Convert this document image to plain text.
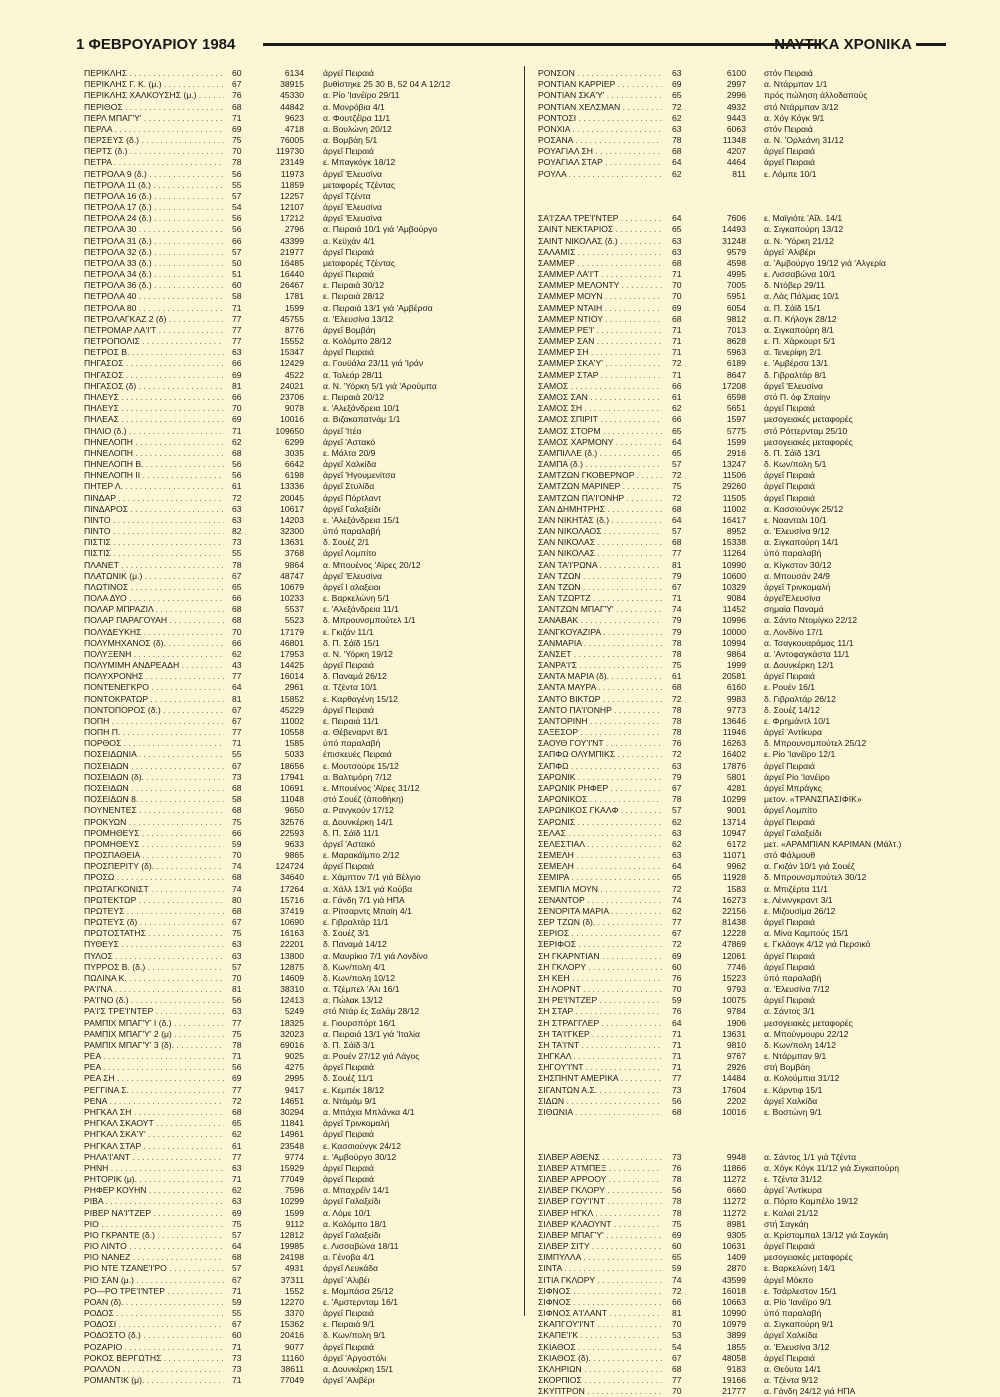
1 ΦΕΒΡΟΥΑΡΙΟΥ 1984	ΝΑΥΤΙΚΑ ΧΡΟΝΙΚΑ
ΠΕΡΙΚΛΗΣ . . .	60	6134 άργεΐ Πειραιά
ΠΕΡΙΚΛΗΣ Γ. Κ. (μ.) . . .	67	38915 βυθίστηκε 25 30 Β, 52 04 Α 12/12
ΠΕΡΙΚΛΗΣ ΧΑΛΚΟΥΣΗΣ (μ.) . . .	76	45330 α. Ρίο 'Ιανέϊρο 29/11
ΠΕΡΙΘΟΣ . . .	68	44842 α. Μονρόβια 4/1
ΠΕΡΛ ΜΠΑΓ'Υ' . . .	71	9623 α. Φουτζέϊρα 11/1
ΠΕΡΛΑ . . .	69	4718 α. Βουλώνη 20/12
ΠΕΡΣΕΥΣ (δ.) . . .	75	76005 α. Βομβάη 5/1
ΠΕΡΤΣ (δ.) . . .	70	119730 άργεΐ Πειραιά
ΠΕΤΡΑ . . .	78	23149 ε. Μπαγκόγκ 18/12
ΠΕΤΡΟΛΑ 9 (δ.) . . .	56	11973 άργεΐ 'Ελευσίνα
ΠΕΤΡΟΛΑ 11 (δ.) . . .	55	11859 μεταφορές Τζέντας
ΠΕΤΡΟΛΑ 16 (δ.) . . .	57	12257 άργεΐ Τζέντα
ΠΕΤΡΟΛΑ 17 (δ.) . . .	54	12107 άργεΐ 'Ελευσίνα
ΠΕΤΡΟΛΑ 24 (δ.) . . .	56	17212 άργεΐ 'Ελευσίνα
ΠΕΤΡΟΛΑ 30 . . .	56	2796 α. Πειραιά 10/1 γιά 'Αμβούργο
ΠΕΤΡΟΛΑ 31 (δ.) . . .	66	43399 α. Κεϋχάν 4/1
ΠΕΤΡΟΛΑ 32 (δ.) . . .	57	21977 άργεΐ Πειραιά
ΠΕΤΡΟΛΑ 33 (δ.) . . .	50	16485 μεταφορές Τζέντας
ΠΕΤΡΟΛΑ 34 (δ.) . . .	51	16440 άργεΐ Πειραιά
ΠΕΤΡΟΛΑ 36 (δ.) . . .	60	26467 ε. Πειραιά 30/12
ΠΕΤΡΟΛΑ 40 . . .	58	1781 ε. Πειραιά 28/12
ΠΕΤΡΟΛΑ 80 . . .	71	1599 α. Πειραιά 13/1 γιά 'Αμβέρσα
ΠΕΤΡΟΛΑΓΚΑΖ 2 (δ) . . .	77	45755 α. 'Ελευσίνα 13/12
ΠΕΤΡΟΜΑΡ ΛΑ'Ι'Τ . . .	77	8776 άργεΐ Βομβάη
ΠΕΤΡΟΠΟΛΙΣ . . .	77	15552 α. Κολόμπο 28/12
ΠΕΤΡΟΣ Β. . . .	63	15347 άργεΐ Πειραιά
ΠΗΓΑΣΟΣ . . .	66	12429 α. Γουϋάλα 23/11 γιά 'Ιράν
ΠΗΓΑΣΟΣ . . .	69	4522 α. Τολεάρ 28/11
ΠΗΓΑΣΟΣ (δ) . . .	81	24021 α. Ν. 'Υόρκη 5/1 γιά 'Αρούμπα
ΠΗΛΕΥΣ . . .	66	23706 ε. Πειραιά 20/12
ΠΗΛΕΥΣ . . .	70	9078 ε. 'Αλεξάνδρεια 10/1
ΠΗΛΕΑΣ . . .	69	10016 α. Βιζακαπατνάμ 1/1
ΠΗΛΙΟ (δ.) . . .	71	109650 άργεΐ 'Ιτέα
ΠΗΝΕΛΟΠΗ . . .	62	6299 άργεΐ 'Αστακό
ΠΗΝΕΛΟΠΗ . . .	68	3035 ε. Μάλτα 20/9
ΠΗΝΕΛΟΠΗ Β. . . .	56	6642 άργεΐ Χαλκίδα
ΠΗΝΕΛΟΠΗ ΙΙ . . .	56	6198 άργεΐ 'Ηγουμενίτσα
ΠΗΤΕΡ Λ. . . .	61	13336 άργεΐ Στυλίδα
ΠΙΝΔΑΡ . . .	72	20045 άργεΐ Πόρτλαντ
ΠΙΝΔΑΡΟΣ . . .	63	10617 άργεΐ Γαλαξείδι
ΠΙΝΤΟ . . .	63	14203 ε. 'Αλεξάνδρεια 15/1
ΠΙΝΤΟ . . .	82	32300 ύπό παραλαβή
ΠΙΣΤΙΣ . . .	73	13631 δ. Σουέζ 2/1
ΠΙΣΤΙΣ . . .	55	3768 άργεΐ Λομπίτο
ΠΛΑΝΕΤ . . .	78	9864 α. Μπουένος 'Αϊρες 20/12
ΠΛΑΤΩΝΙΚ (μ.) . . .	67	48747 άργεΐ 'Ελευσίνα
ΠΛΩΤΙΝΟΣ . . .	65	10679 άργεΐ Ι αλαξειοι
ΠΟΛΑ ΔΥΟ . . .	66	10233 ε. Βαρκελώνη 5/1
ΠΟΛΑΡ ΜΠΡΑΖΙΛ . . .	68	5537 ε. 'Αλεξάνδρεια 11/1
ΠΟΛΑΡ ΠΑΡΑΓΟΥΑΗ . . .	68	5523 δ. Μπρουνσμπούτελ 1/1
ΠΟΛΥΔΕΥΚΗΣ . . .	70	17179 ε. Γκιζάν 11/1
ΠΟΛΥΜΗΧΑΝΟΣ (δ). . . .	66	46801 δ. Π. Σάϊδ 15/1
ΠΟΛΥΞΕΝΗ . . .	62	17953 α. Ν. 'Υόρκη 19/12
ΠΟΛΥΜΙΜΗ ΑΝΔΡΕΑΔΗ . . .	43	14425 άργεΐ Πειραιά
ΠΟΛΥΧΡΟΝΗΣ . . .	77	16014 δ. Παναμά 26/12
ΠΟΝΤΕΝΕΓΚΡΟ . . .	64	2961 α. Τζέντα 10/1
ΠΟΝΤΟΚΡΑΤΩΡ . . .	81	15852 ε. Καρθαγένη 15/12
ΠΟΝΤΟΠΟΡΟΣ (δ.) . . .	67	45229 άργεΐ Πειραιά
ΠΟΠΗ . . .	67	11002 ε. Πειραιά 11/1
ΠΟΠΗ Π. . . .	77	10558 α. Θέβεναρντ 8/1
ΠΟΡΘΟΣ . . .	71	1585 ύπό παραλαβή
ΠΟΣΕΙΔΩΝΙΑ . . .	55	5033 έπισκευές Πειραιά
ΠΟΣΕΙΔΩΝ . . .	67	18656 ε. Μουτσούρε 15/12
ΠΟΣΕΙΔΩΝ (δ). . . .	73	17941 α. Βαλτιμόρη 7/12
ΠΟΣΕΙΔΩΝ . . .	68	10691 ε. Μπουένος 'Αϊρες 31/12
ΠΟΣΕΙΔΩΝ 8. . . .	58	11048 στό Σουέζ (άποθήκη)
ΠΟΥΝΕΝΤΕΣ . . .	68	9650 α. Ρανγκούν 17/12
ΠΡΟΚΥΩΝ . . .	75	32576 α. Δουνκέρκη 14/1
ΠΡΟΜΗΘΕΥΣ . . .	66	22593 δ. Π. Σάϊδ 11/1
ΠΡΟΜΗΘΕΥΣ . . .	59	9633 άργεΐ 'Αστακό
ΠΡΟΣΠΑΘΕΙΑ . . .	70	9865 ε. Μαρακάϊμπο 2/12
ΠΡΟΣΠΕΡΙΤΥ (δ). . . .	74	124724 άργεΐ Πειραιά
ΠΡΟΣΩ . . .	68	34640 ε. Χάμπτον 7/1 γιά Βέλγιο
ΠΡΩΤΑΓΚΟΝΙΣΤ . . .	74	17264 α. Χάλλ 13/1 γιά Κούβα
ΠΡΩΤΕΚΤΩΡ . . .	80	15716 α. Γάνδη 7/1 γιά ΗΠΑ
ΠΡΩΤΕΥΣ . . .	68	37419 α. Ρίτσαρντς Μπαίη 4/1
ΠΡΩΤΕΥΣ (δ) . . .	67	10690 ε. Γιβραλτάρ 11/1
ΠΡΩΤΟΣΤΑΤΗΣ . . .	75	16163 δ. Σουέζ 3/1
ΠΥΘΕΥΣ . . .	63	22201 δ. Παναμά 14/12
ΠΥΛΟΣ . . .	63	13800 α. Μαυρίκιο 7/1 γιά Λονδίνο
ΠΥΡΡΟΣ Β. (δ.) . . .	57	12875 δ. Κων/πολη 4/1
ΠΩΛΙΝΑ Κ. . . .	70	14609 δ. Κων/πολη 10/12
ΡΑ'Ι'ΝΑ . . .	81	38310 α. Τζέμπελ 'Αλι 16/1
ΡΑ'Ι'ΝΟ (δ.) . . .	56	12413 α. Πώλακ 13/12
ΡΑ'Ι'Σ ΤΡΕ'Ι'ΝΤΕΡ . . .	63	5249 στό Ντάρ ές Σαλάμ 28/12
ΡΑΜΠΙΧ ΜΠΑΓ'Υ' Ι (δ.) . . .	77	18325 ε. Γιουρσπόρτ 16/1
ΡΑΜΠΙΧ ΜΠΑΓ'Υ' 2 (μ) . . .	75	32023 α. Πειραιά 13/1 γιά 'Ιταλία
ΡΑΜΠΙΧ ΜΠΑΓ'Υ' 3 (δ). . . .	78	69016 δ. Π. Σάϊδ 3/1
ΡΕΑ . . .	71	9025 α. Ρουέν 27/12 γιά Λάγος
ΡΕΑ . . .	56	4275 άργεΐ Πειραιά
ΡΕΑ ΣΗ . . .	69	2995 δ. Σουέζ 11/1
ΡΕΓΓΙΝΑ Σ. . . .	77	9417 ε. Κεμπέκ 18/12
ΡΕΝΑ . . .	72	14651 α. Ντάμάμ 9/1
ΡΗΓΚΑΛ ΣΗ . . .	68	30294 α. Μπάχια Μπλάνκα 4/1
ΡΗΓΚΑΛ ΣΚΑΟΥΤ . . .	65	11841 άργεΐ Τρινκομαλή
ΡΗΓΚΑΛ ΣΚΑ'Υ' . . .	62	14961 άργεΐ Πειραιά
ΡΗΓΚΑΛ ΣΤΑΡ . . .	61	23548 ε. Κασσιούνγκ 24/12
ΡΗΛΑ'Ι'ΑΝΤ . . .	77	9774 ε. 'Αμβούργο 30/12
ΡΗΝΗ . . .	63	15929 άργεΐ Πειραιά
ΡΗΤΟΡΙΚ (μ). . . .	71	77049 άργεΐ Πειραιά
ΡΗΦΕΡ ΚΟΥΗΝ . . .	62	7596 α. Μπαχρέϊν 14/1
ΡΙΒΑ . . .	63	10299 άργεΐ Γαλαξείδι
ΡΙΒΕΡ ΝΑ'Ι'ΤΖΕΡ . . .	69	1599 α. Λόμε 10/1
ΡΙΟ . . .	75	9112 α. Κολόμπο 18/1
ΡΙΟ ΓΚΡΑΝΤΕ (δ.) . . .	57	12812 άργεΐ Γαλαξείδι
ΡΙΟ ΛΙΝΤΟ . . .	64	19985 ε. Λισσαβώνα 18/11
ΡΙΟ ΝΑΝΕΖ . . .	68	24198 α. Γένοβα 4/1
ΡΙΟ ΝΤΕ ΤΖΑΝΕ'Ι'ΡΟ . . .	57	4931 άργεΐ Λευκάδα
ΡΙΟ ΣΑΝ (μ.) . . .	67	37311 άργεΐ 'Αλιβέι
ΡΟ—ΡΟ ΤΡΕ'Ι'ΝΤΕΡ . . .	71	1552 ε. Μομπάσα 25/12
ΡΟΑΝ (δ). . . .	59	12270 ε. 'Αμστερνταμ 16/1
ΡΟΔΟΣ . . .	55	3370 άργεΐ Πειραιά
ΡΟΔΟΣΙ . . .	67	15362 ε. Πειραιά 9/1
ΡΟΔΟΣΤΟ (δ.) . . .	60	20416 δ. Κων/πολη 9/1
ΡΟΖΑΡΙΟ . . .	71	9077 άργεΐ Πειραιά
ΡΟΚΟΣ ΒΕΡΓΩΤΗΣ . . .	73	11160 άργεΐ 'Αργοστόλι
ΡΟΛΛΟΝ . . .	73	38611 α. Δουνκέρκη 15/1
ΡΟΜΑΝΤΙΚ (μ). . . .	71	77049 άργεΐ 'Αλιβέρι
ΡΟΝΣΟΝ . . .	63	6100 στόν Πειραιά
ΡΟΝΤΙΑΝ ΚΑΡΡΙΕΡ . . .	69	2997 α. Ντάρμπαν 1/1
ΡΟΝΤΙΑΝ ΣΚΑ'Υ' . . .	65	2996 πρός πώληση άλλοδαπούς
ΡΟΝΤΙΑΝ ΧΕΛΣΜΑΝ . . .	72	4932 στό Ντάρμπαν 3/12
ΡΟΝΤΟΣΙ . . .	62	9443 α. Χόγ Κόγκ 9/1
ΡΟΝΧΙΑ . . .	63	6063 στόν Πειραιά
ΡΟΣΑΝΑ . . .	78	11348 α. Ν. 'Ορλεάνη 31/12
ΡΟΥΑΓΙΑΛ ΣΗ . . .	68	4207 άργεΐ Πειραιά
ΡΟΥΑΓΙΑΛ ΣΤΑΡ . . .	64	4464 άργεΐ Πειραιά
ΡΟΥΛΑ . . .	62	811 ε. Λόμπε 10/1
ΣΑ'Ι'ΖΑΛ ΤΡΕ'Ι'ΝΤΕΡ . . .	64	7606 ε. Μαϊγιότε 'Αΐλ. 14/1
ΣΑΙΝΤ ΝΕΚΤΑΡΙΟΣ . . .	65	14493 α. Σιγκαπούρη 13/12
ΣΑΙΝΤ ΝΙΚΟΛΑΣ (δ.) . . .	63	31248 α. Ν. 'Υόρκη 21/12
ΣΑΛΑΜΙΣ . . .	63	9579 άργεΐ 'Αλιβέρι
ΣΑΜΜΕΡ . . .	68	4598 α. 'Αμβούργο 19/12 γιά 'Αλγερία
ΣΑΜΜΕΡ ΛΑ'Ι'Τ . . .	71	4995 ε. Λισσαβώνα 10/1
ΣΑΜΜΕΡ ΜΕΛΟΝΤΥ . . .	70	7005 δ. Ντόβερ 29/11
ΣΑΜΜΕΡ ΜΟΥΝ . . .	70	5951 α. Λάς Πάλμας 10/1
ΣΑΜΜΕΡ ΝΤΑΙΗ . . .	69	6054 α. Π. Σάϊδ 15/1
ΣΑΜΜΕΡ ΝΤΙΟΥ . . .	68	9812 α. Π. Κήλογκ 28/12
ΣΑΜΜΕΡ ΡΕ'Ι' . . .	71	7013 α. Σιγκαπούρη 8/1
ΣΑΜΜΕΡ ΣΑΝ . . .	71	8628 ε. Π. Χάρκουρτ 5/1
ΣΑΜΜΕΡ ΣΗ . . .	71	5963 α. Τενερίφη 2/1
ΣΑΜΜΕΡ ΣΚΑ'Υ' . . .	72	6189 ε. 'Αμβέρσα 13/1
ΣΑΜΜΕΡ ΣΤΑΡ . . .	71	8647 δ. Γιβραλτάρ 8/1
ΣΑΜΟΣ . . .	66	17208 άργεΐ 'Ελευσίνα
ΣΑΜΟΣ ΣΑΝ . . .	61	6598 στό Π. ὀφ Σπαίην
ΣΑΜΟΣ ΣΗ . . .	62	5651 άργεΐ Πειραιά
ΣΑΜΟΣ ΣΠΙΡΙΤ . . .	66	1597 μεσογειακές μεταφορές
ΣΑΜΟΣ ΣΤΟΡΜ . . .	65	5775 στό Ρόττερνταμ 25/10
ΣΑΜΟΣ ΧΑΡΜΟΝΥ . . .	64	1599 μεσογειακές μεταφορές
ΣΑΜΠΙΛΛΕ (δ.) . . .	65	2916 δ. Π. Σάϊδ 13/1
ΣΑΜΠΑ (δ.) . . .	57	13247 δ. Κων/πολη 5/1
ΣΑΜΤΖΩΝ ΓΚΟΒΕΡΝΟΡ . . .	72	11506 άργεΐ Πειραιά
ΣΑΜΤΖΩΝ ΜΑΡΙΝΕΡ . . .	75	29260 άργεΐ Πειραιά
ΣΑΜΤΖΩΝ ΠΑ'Ι'ΟΝΗΡ . . .	72	11505 άργεΐ Πειραιά
ΣΑΝ ΔΗΜΗΤΡΗΣ . . .	68	11002 α. Κασσιούνγκ 25/12
ΣΑΝ ΝΙΚΗΤΑΣ (δ.) . . .	64	16417 ε. Ναανταλι 10/1
ΣΑΝ ΝΙΚΟΛΑΟΣ . . .	57	8952 α. 'Ελευσίνα 9/12
ΣΑΝ ΝΙΚΟΛΑΣ . . .	68	15338 α. Σιγκαπούρη 14/1
ΣΑΝ ΝΙΚΟΛΑΣ . . .	77	11264 ύπό παραλαβή
ΣΑΝ ΤΑ'Ι'ΡΩΝΑ . . .	81	10990 α. Κίγκστον 30/12
ΣΑΝ ΤΖΩΝ . . .	79	10600 α. Μπουσάν 24/9
ΣΑΝ ΤΖΩΝ . . .	67	10329 άργεΐ Τρινκομαλή
ΣΑΝ ΤΖΩΡΤΖ . . .	71	9084 άργεΐ'Ελευσίνα
ΣΑΝΤΖΩΝ ΜΠΑΓ'Υ' . . .	74	11452 σημαία Παναμά
ΣΑΝΑΒΑΚ . . .	79	10996 α. Σάντο Ντομίγκο 22/12
ΣΑΝΓΚΟΥΑΖΙΡΑ . . .	79	10000 α. Λονδίνο 17/1
ΣΑΝΜΑΡΙΑ . . .	78	10994 α. Τσαγκουαράμας 11/1
ΣΑΝΣΕΤ . . .	78	9864 α. 'Αντοφαγκάστα 11/1
ΣΑΝΡΑ'Ι'Σ . . .	75	1999 α. Δουνκέρκη 12/1
ΣΑΝΤΑ ΜΑΡΙΑ (δ). . . .	61	20581 άργεΐ Πειραιά
ΣΑΝΤΑ ΜΑΥΡΑ . . .	68	6160 ε. Ρουέν 16/1
ΣΑΝΤΟ ΒΙΚΤΩΡ . . .	72	9983 δ. Γιβραλτάρ 26/12
ΣΑΝΤΟ ΠΑ'Ι'ΟΝΗΡ . . .	78	9773 δ. Σουέζ 14/12
ΣΑΝΤΟΡΙΝΗ . . .	78	13646 ε. Φρημάντλ 10/1
ΣΑΞΕΣΟΡ . . .	78	11946 άργεΐ 'Αντίκυρα
ΣΑΟΥΘ ΓΟΥ'Ι'ΝΤ . . .	76	16263 δ. Μπρουνσμπούτελ 25/12
ΣΑΠΦΩ ΟΛΥΜΠΙΚΣ . . .	72	16402 ε. Ρίο 'Ιανέϊρο 12/1
ΣΑΠΦΩ . . .	63	17876 άργεΐ Πειραιά
ΣΑΡΩΝΙΚ . . .	79	5801 άργεΐ Ρίο 'Ιανέϊρο
ΣΑΡΩΝΙΚ ΡΗΦΕΡ . . .	67	4281 άργεΐ Μπράγκς
ΣΑΡΩΝΙΚΟΣ . . .	78	10299 μετον. «ΤΡΑΝΣΠΑΣΙΦΙΚ»
ΣΑΡΩΝΙΚΟΣ ΓΚΑΛΦ . . .	57	9001 άργεΐ Λομπίτο
ΣΑΡΩΝΙΣ . . .	62	13714 άργεΐ Πειραιά
ΣΕΛΑΣ . . .	63	10947 άργεΐ Γαλαξείδι
ΣΕΛΕΣΤΙΑΛ . . .	62	6172 μετ. «ΑΡΑΜΠΙΑΝ ΚΑΡΙΜΑΝ (Μάλτ.)
ΣΕΜΕΛΗ . . .	63	11071 στό Φάλμουθ
ΣΕΜΕΛΗ . . .	64	9962 α. Γκιζάν 10/1 γιά Σουέζ
ΣΕΜΙΡΑ . . .	65	11928 δ. Μπρουνσμπούτελ 30/12
ΣΕΜΠΙΛ ΜΟΥΝ . . .	72	1583 α. Μπιζέρτα 11/1
ΣΕΝΑΝΤΟΡ . . .	74	16273 ε. Λένινγκραντ 3/1
ΣΕΝΟΡΙΤΑ ΜΑΡΙΑ . . .	62	22156 ε. Μιζουσίμα 26/12
ΣΕΡ ΤΖΩΝ (δ). . . .	77	81438 άργεΐ Πειραιά
ΣΕΡΙΟΣ . . .	67	12228 α. Μίνα Καμπούς 15/1
ΣΕΡΙΦΟΣ . . .	72	47869 ε. Γκλάογκ 4/12 γιά Περσικό
ΣΗ ΓΚΑΡΝΤΙΑΝ . . .	69	12061 άργεΐ Πειραιά
ΣΗ ΓΚΛΟΡΥ . . .	60	7746 άργεΐ Πειραιά
ΣΗ ΚΕΗ . . .	76	15223 ύπό παραλαβή
ΣΗ ΛΟΡΝΤ . . .	70	9793 α. 'Ελευσίνα 7/12
ΣΗ ΡΕ'Ι'ΝΤΖΕΡ . . .	59	10075 άργεΐ Πειραιά
ΣΗ ΣΤΑΡ . . .	76	9784 α. Σάντος 3/1
ΣΗ ΣΤΡΑΓΓΛΕΡ . . .	64	1906 μεσογειακές μεταφορές
ΣΗ ΤΑ'Ι'ΓΚΕΡ . . .	71	13631 α. Μπούνμουρυ 22/12
ΣΗ ΤΑ'Ι'ΝΤ . . .	71	9810 δ. Κων/πολη 14/12
ΣΗΓΚΑΛ . . .	71	9767 ε. Ντάρμπαν 9/1
ΣΗΓΟΥ'Ι'ΝΤ . . .	71	2926 στή Βομβάη
ΣΗΣΠΗΝΤ ΑΜΕΡΙΚΑ . . .	77	14484 α. Κολούμπια 31/12
ΣΙΓΑΝΤΩΝ Α.Σ. . . .	73	17604 ε. Κάρντιφ 15/1
ΣΙΔΩΝ . . .	56	2202 άργεΐ Χαλκίδα
ΣΙΘΩΝΙΑ . . .	68	10016 ε. Βοστώνη 9/1
ΣΙΛΒΕΡ ΑΘΕΝΣ . . .	73	9948 α. Σάντος 1/1 γιά Τζέντα
ΣΙΛΒΕΡ Α'Ι'ΜΠΕΞ . . .	76	11866 α. Χόγκ Κόγκ 11/12 γιά Σιγκαπούρη
ΣΙΛΒΕΡ ΑΡΡΟΟΥ . . .	78	11272 ε. Τζέντα 31/12
ΣΙΛΒΕΡ ΓΚΛΟΡΥ . . .	56	6660 άργεΐ 'Αντίκυρα
ΣΙΛΒΕΡ ΓΟΥ'Ι'ΝΤ . . .	78	11272 α. Πόρτο Καμπέλο 19/12
ΣΙΛΒΕΡ ΗΓΚΛ . . .	78	11272 ε. Καλαί 21/12
ΣΙΛΒΕΡ ΚΛΑΟΥΝΤ . . .	75	8981 στή Σαγκάη
ΣΙΛΒΕΡ ΜΠΑΓ'Υ' . . .	69	9305 α. Κρίστομπαλ 13/12 γιά Σαγκάη
ΣΙΛΒΕΡ ΣΙΤΥ . . .	60	10631 άργεΐ Πειραιά
ΣΙΜΠΥΛΛΑ . . .	65	1409 μεσογειακές μεταφορές
ΣΙΝΤΑ . . .	59	2870 ε. Βαρκελώνη 14/1
ΣΙΤΙΑ ΓΚΛΟΡΥ . . .	74	43599 άργεΐ Μόκπο
ΣΙΦΝΟΣ . . .	72	16018 ε. Τσάρλεστον 15/1
ΣΙΦΝΟΣ . . .	66	10663 α. Ρίο 'Ιανέϊρο 9/1
ΣΙΦΝΟΣ Α'Ι'ΛΑΝΤ . . .	81	10990 ύπό παραλαβή
ΣΚΑΠΓΟΥ'Ι'ΝΤ . . .	70	10979 α. Σιγκαπούρη 9/1
ΣΚΑΠΕ'Ι'Κ . . .	53	3899 άργεΐ Χαλκίδα
ΣΚΙΑΘΟΣ . . .	54	1855 α. 'Ελευσίνα 3/12
ΣΚΙΑΘΟΣ (δ). . . .	67	48058 άργεΐ Πειραιά
ΣΚΛΗΡΙΩΝ . . .	68	9183 α. Θεόυτα 14/1
ΣΚΟΡΠΙΟΣ . . .	77	19166 α. Τζέντα 9/12
ΣΚΥΠΤΡΟΝ . . .	70	21777 α. Γάνδη 24/12 γιά ΗΠΑ
